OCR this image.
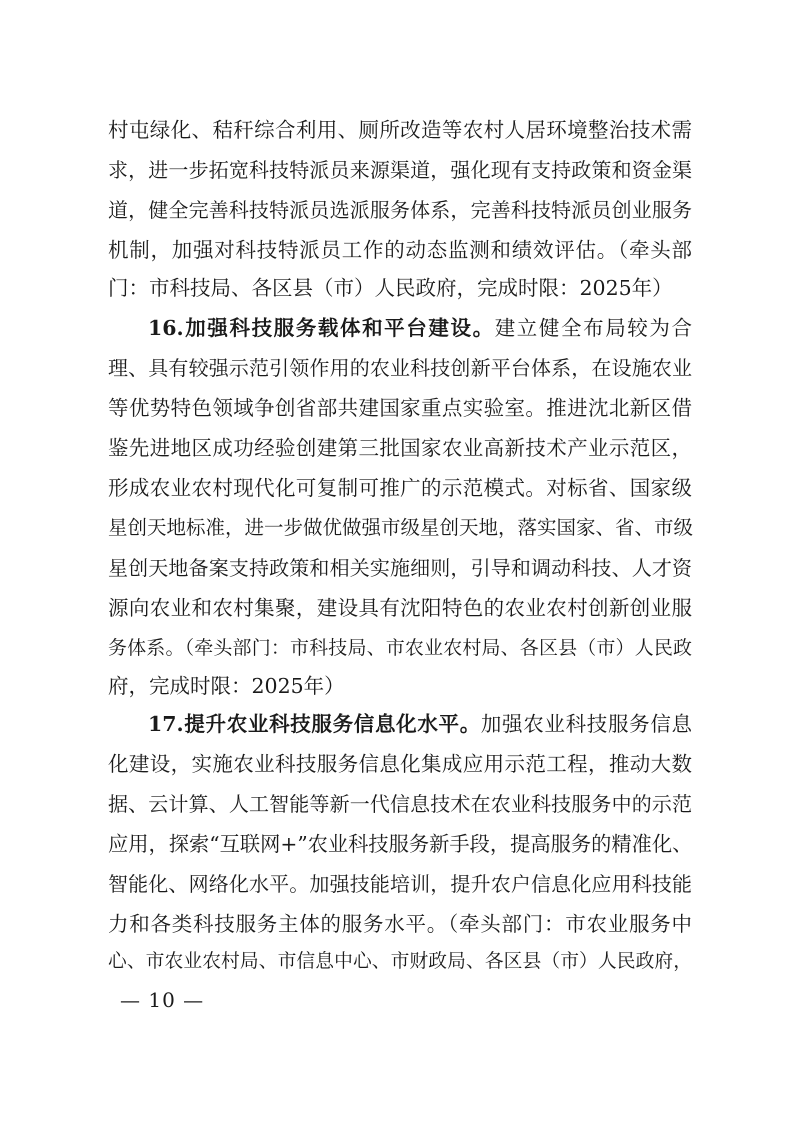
村屯绿化、秸秆综合利用、厕所改造等农村人居环境整治技术需
求，进一步拓宽科技特派员来源渠道，强化现有支持政策和资金渠
道，健全完善科技特派员选派服务体系，完善科技特派员创业服务
机制，加强对科技特派员工作的动态监测和绩效评估。（牵头部
门：市科技局、各区县（市）人民政府，完成时限：2025年）
16.加强科技服务载体和平台建设。建立健全布局较为合
理、具有较强示范引领作用的农业科技创新平台体系，在设施农业
等优势特色领域争创省部共建国家重点实验室。推进沈北新区借
鉴先进地区成功经验创建第三批国家农业高新技术产业示范区，
形成农业农村现代化可复制可推广的示范模式。对标省、国家级
星创天地标准，进一步做优做强市级星创天地，落实国家、省、市级
星创天地备案支持政策和相关实施细则，引导和调动科技、人才资
源向农业和农村集聚，建设具有沈阳特色的农业农村创新创业服
务体系。（牵头部门：市科技局、市农业农村局、各区县（市）人民政
府，完成时限：2025年）
17.提升农业科技服务信息化水平。加强农业科技服务信息
化建设，实施农业科技服务信息化集成应用示范工程，推动大数
据、云计算、人工智能等新一代信息技术在农业科技服务中的示范
应用，探索“互联网+”农业科技服务新手段，提高服务的精准化、
智能化、网络化水平。加强技能培训，提升农户信息化应用科技能
力和各类科技服务主体的服务水平。（牵头部门：市农业服务中
心、市农业农村局、市信息中心、市财政局、各区县（市）人民政府，
— 10 —
